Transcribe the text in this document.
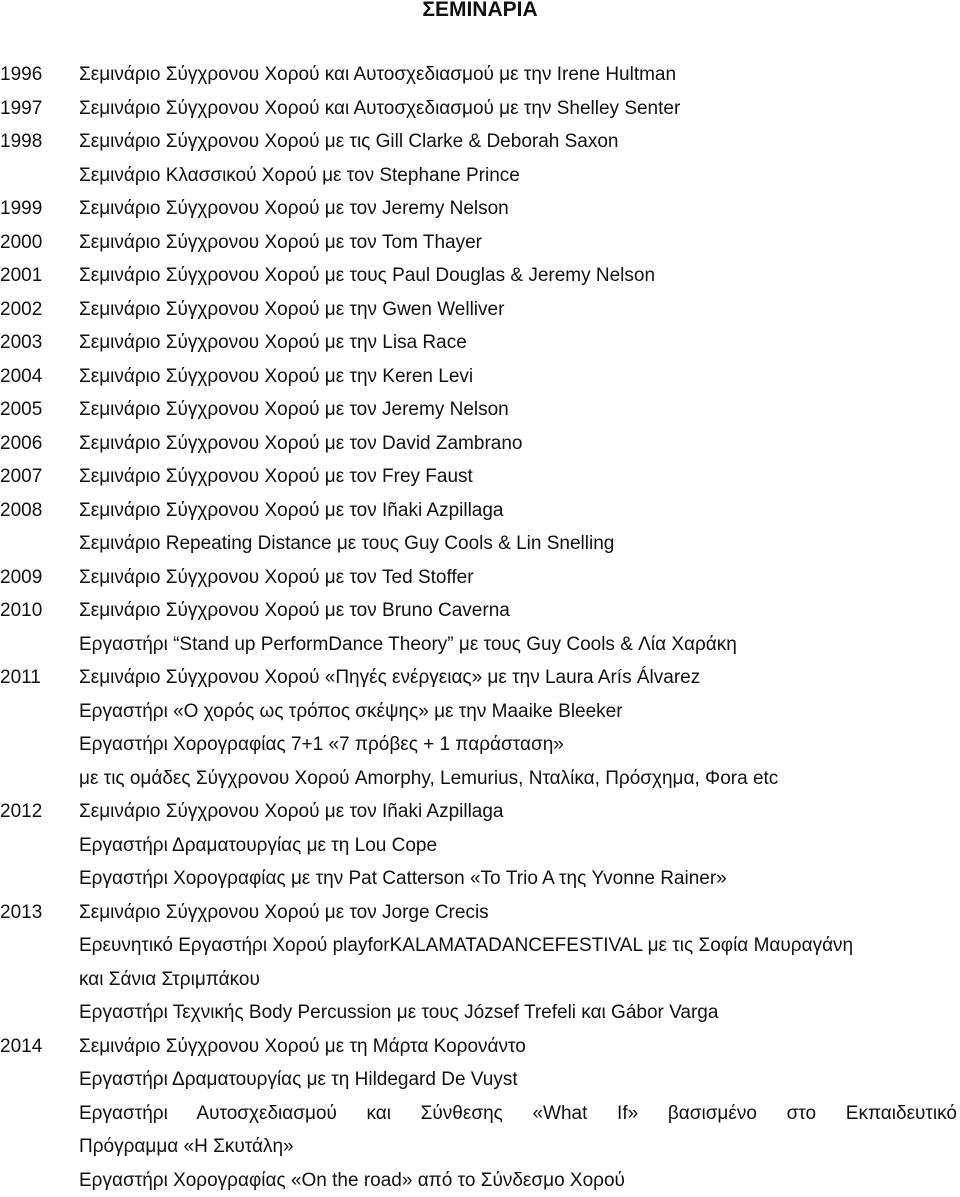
ΣΕΜΙΝΑΡΙΑ
1996 Σεμινάριο Σύγχρονου Χορού και Αυτοσχεδιασμού με την Irene Hultman
1997 Σεμινάριο Σύγχρονου Χορού και Αυτοσχεδιασμού με την Shelley Senter
1998 Σεμινάριο Σύγχρονου Χορού με τις Gill Clarke & Deborah Saxon
Σεμινάριο Κλασσικού Χορού με τον Stephane Prince
1999 Σεμινάριο Σύγχρονου Χορού με τον Jeremy Nelson
2000 Σεμινάριο Σύγχρονου Χορού με τον Tom Thayer
2001 Σεμινάριο Σύγχρονου Χορού με τους Paul Douglas & Jeremy Nelson
2002 Σεμινάριο Σύγχρονου Χορού με την Gwen Welliver
2003 Σεμινάριο Σύγχρονου Χορού με την Lisa Race
2004 Σεμινάριο Σύγχρονου Χορού με την Keren Levi
2005 Σεμινάριο Σύγχρονου Χορού με τον Jeremy Nelson
2006 Σεμινάριο Σύγχρονου Χορού με τον David Zambrano
2007 Σεμινάριο Σύγχρονου Χορού με τον Frey Faust
2008 Σεμινάριο Σύγχρονου Χορού με τον Iñaki Azpillaga
Σεμινάριο Repeating Distance με τους Guy Cools & Lin Snelling
2009 Σεμινάριο Σύγχρονου Χορού με τον Ted Stoffer
2010 Σεμινάριο Σύγχρονου Χορού με τον Bruno Caverna
Εργαστήρι “Stand up PerformDance Theory” με τους Guy Cools & Λία Χαράκη
2011 Σεμινάριο Σύγχρονου Χορού «Πηγές ενέργειας» με την Laura Arís Álvarez
Εργαστήρι «Ο χορός ως τρόπος σκέψης» με την Maaike Bleeker
Εργαστήρι Χορογραφίας 7+1 «7 πρόβες + 1 παράσταση»
με τις ομάδες Σύγχρονου Χορού Amorphy, Lemurius, Νταλίκα, Πρόσχημα, Φora etc
2012 Σεμινάριο Σύγχρονου Χορού με τον Iñaki Azpillaga
Εργαστήρι Δραματουργίας με τη Lou Cope
Εργαστήρι Χορογραφίας με την Pat Catterson «Το Trio A της Yvonne Rainer»
2013 Σεμινάριο Σύγχρονου Χορού με τον Jorge Crecis
Ερευνητικό Εργαστήρι Χορού playforKALAMATADANCEFESTIVAL με τις Σοφία Μαυραγάνη
και Σάνια Στριμπάκου
Εργαστήρι Τεχνικής Body Percussion με τους József Trefeli και Gábor Varga
2014 Σεμινάριο Σύγχρονου Χορού με τη Μάρτα Κορονάντο
Εργαστήρι Δραματουργίας με τη Hildegard De Vuyst
Εργαστήρι Αυτοσχεδιασμού και Σύνθεσης «What If» βασισμένο στο Εκπαιδευτικό
Πρόγραμμα «Η Σκυτάλη»
Εργαστήρι Χορογραφίας «On the road» από το Σύνδεσμο Χορού
